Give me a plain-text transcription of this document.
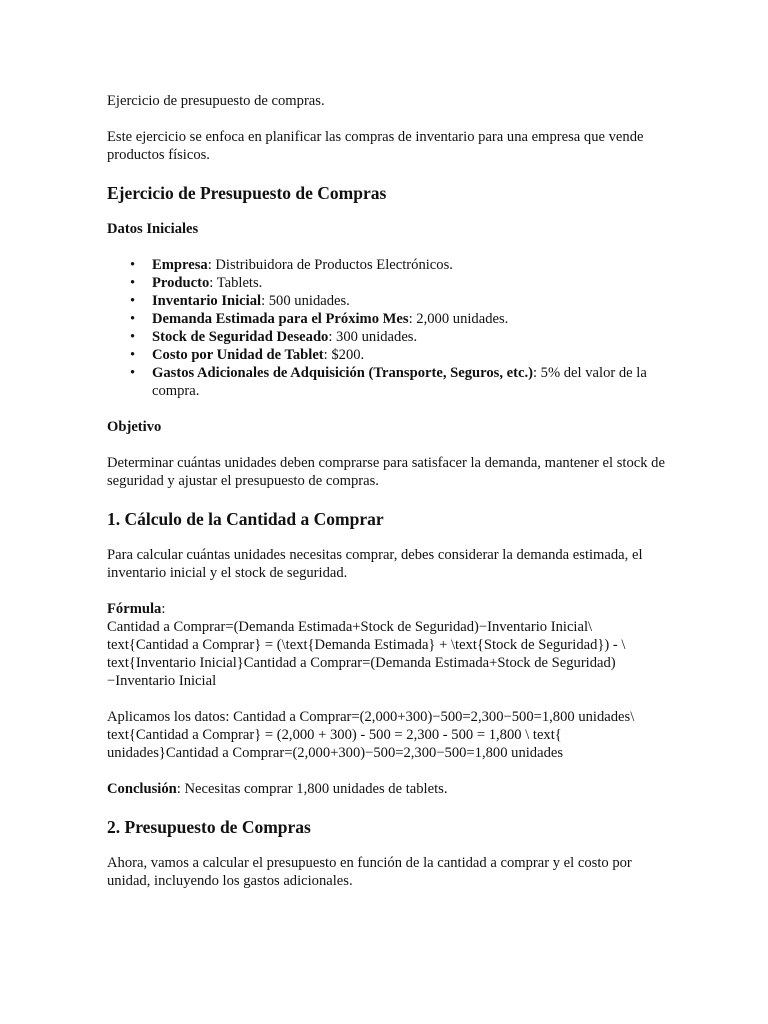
Ejercicio de presupuesto de compras.

Este ejercicio se enfoca en planificar las compras de inventario para una empresa que vende productos físicos.

Ejercicio de Presupuesto de Compras
Datos Iniciales
• Empresa: Distribuidora de Productos Electrónicos.
• Producto: Tablets.
• Inventario Inicial: 500 unidades.
• Demanda Estimada para el Próximo Mes: 2,000 unidades.
• Stock de Seguridad Deseado: 300 unidades.
• Costo por Unidad de Tablet: $200.
• Gastos Adicionales de Adquisición (Transporte, Seguros, etc.): 5% del valor de la compra.
Objetivo

Determinar cuántas unidades deben comprarse para satisfacer la demanda, mantener el stock de seguridad y ajustar el presupuesto de compras.

1. Cálculo de la Cantidad a Comprar

Para calcular cuántas unidades necesitas comprar, debes considerar la demanda estimada, el inventario inicial y el stock de seguridad.

Fórmula:
Cantidad a Comprar=(Demanda Estimada+Stock de Seguridad)−Inventario Inicial\ text{Cantidad a Comprar} = (\text{Demanda Estimada} + \text{Stock de Seguridad}) - \ text{Inventario Inicial}Cantidad a Comprar=(Demanda Estimada+Stock de Seguridad) −Inventario Inicial

Aplicamos los datos: Cantidad a Comprar=(2,000+300)−500=2,300−500=1,800 unidades\ text{Cantidad a Comprar} = (2,000 + 300) - 500 = 2,300 - 500 = 1,800 \ text{ unidades}Cantidad a Comprar=(2,000+300)−500=2,300−500=1,800 unidades

Conclusión: Necesitas comprar 1,800 unidades de tablets.

2. Presupuesto de Compras

Ahora, vamos a calcular el presupuesto en función de la cantidad a comprar y el costo por unidad, incluyendo los gastos adicionales.
